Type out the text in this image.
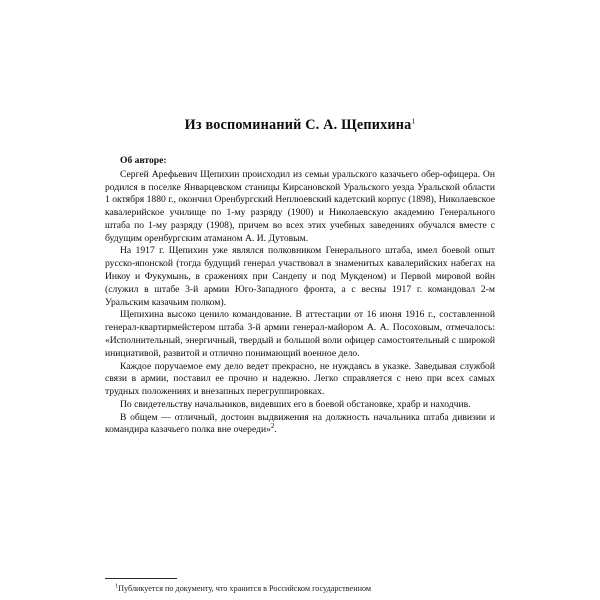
Из воспоминаний С. А. Щепихина$^1$
Об авторе:

Сергей Арефьевич Щепихин происходил из семьи уральского казачьего обер-офицера. Он родился в поселке Январцевском станицы Кирсановской Уральского уезда Уральской области 1 октября 1880 г., окончил Оренбургский Неплюевский кадетский корпус (1898), Николаевское кавалерийское училище по 1-му разряду (1900) и Николаевскую академию Генерального штаба по 1-му разряду (1908), причем во всех этих учебных заведениях обучался вместе с будущим оренбургским атаманом А. И. Дутовым.

На 1917 г. Щепихин уже являлся полковником Генерального штаба, имел боевой опыт русско-японской (тогда будущий генерал участвовал в знаменитых кавалерийских набегах на Инкоу и Фукумынь, в сражениях при Сандепу и под Мукденом) и Первой мировой войн (служил в штабе 3-й армии Юго-Западного фронта, а с весны 1917 г. командовал 2-м Уральским казачьим полком).

Щепихина высоко ценило командование. В аттестации от 16 июня 1916 г., составленной генерал-квартирмейстером штаба 3-й армии генерал-майором А. А. Посоховым, отмечалось: «Исполнительный, энергичный, твердый и большой воли офицер самостоятельный с широкой инициативой, развитой и отлично понимающий военное дело.

Каждое поручаемое ему дело ведет прекрасно, не нуждаясь в указке. Заведывая службой связи в армии, поставил ее прочно и надежно. Легко справляется с нею при всех самых трудных положениях и внезапных перегруппировках.

По свидетельству начальников, видевших его в боевой обстановке, храбр и находчив.

В общем — отличный, достоин выдвижения на должность начальника штаба дивизии и командира казачьего полка вне очереди»$^2$.

$^1$Публикуется по документу, что хранится в Российском государственном
